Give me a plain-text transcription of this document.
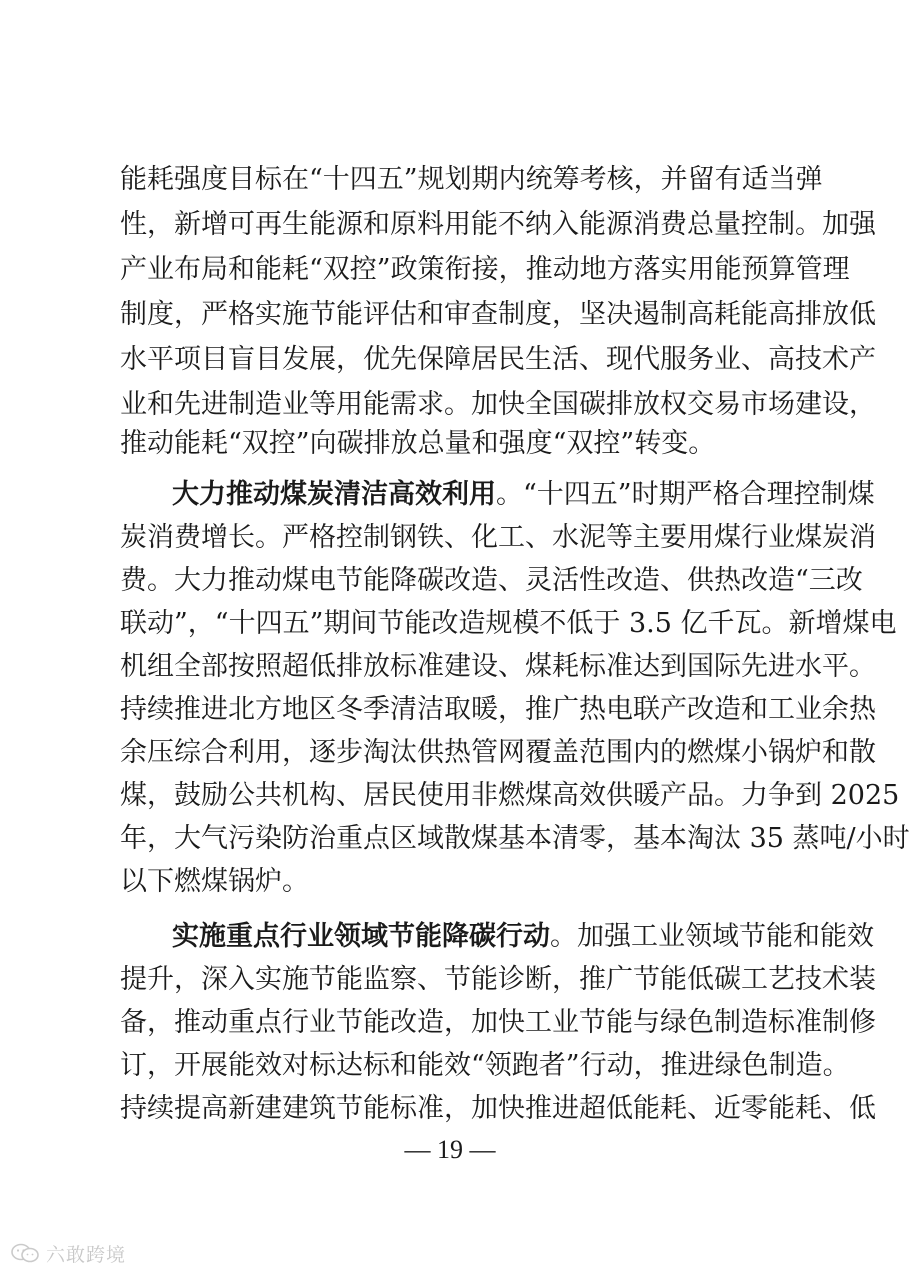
能耗强度目标在“十四五”规划期内统筹考核，并留有适当弹
性，新增可再生能源和原料用能不纳入能源消费总量控制。加强
产业布局和能耗“双控”政策衔接，推动地方落实用能预算管理
制度，严格实施节能评估和审查制度，坚决遏制高耗能高排放低
水平项目盲目发展，优先保障居民生活、现代服务业、高技术产
业和先进制造业等用能需求。加快全国碳排放权交易市场建设，
推动能耗“双控”向碳排放总量和强度“双控”转变。
大力推动煤炭清洁高效利用。“十四五”时期严格合理控制煤
炭消费增长。严格控制钢铁、化工、水泥等主要用煤行业煤炭消
费。大力推动煤电节能降碳改造、灵活性改造、供热改造“三改
联动”，“十四五”期间节能改造规模不低于 3.5 亿千瓦。新增煤电
机组全部按照超低排放标准建设、煤耗标准达到国际先进水平。
持续推进北方地区冬季清洁取暖，推广热电联产改造和工业余热
余压综合利用，逐步淘汰供热管网覆盖范围内的燃煤小锅炉和散
煤，鼓励公共机构、居民使用非燃煤高效供暖产品。力争到 2025
年，大气污染防治重点区域散煤基本清零，基本淘汰 35 蒸吨/小时
以下燃煤锅炉。
实施重点行业领域节能降碳行动。加强工业领域节能和能效
提升，深入实施节能监察、节能诊断，推广节能低碳工艺技术装
备，推动重点行业节能改造，加快工业节能与绿色制造标准制修
订，开展能效对标达标和能效“领跑者”行动，推进绿色制造。
持续提高新建建筑节能标准，加快推进超低能耗、近零能耗、低
— 19 —
六敢跨境
